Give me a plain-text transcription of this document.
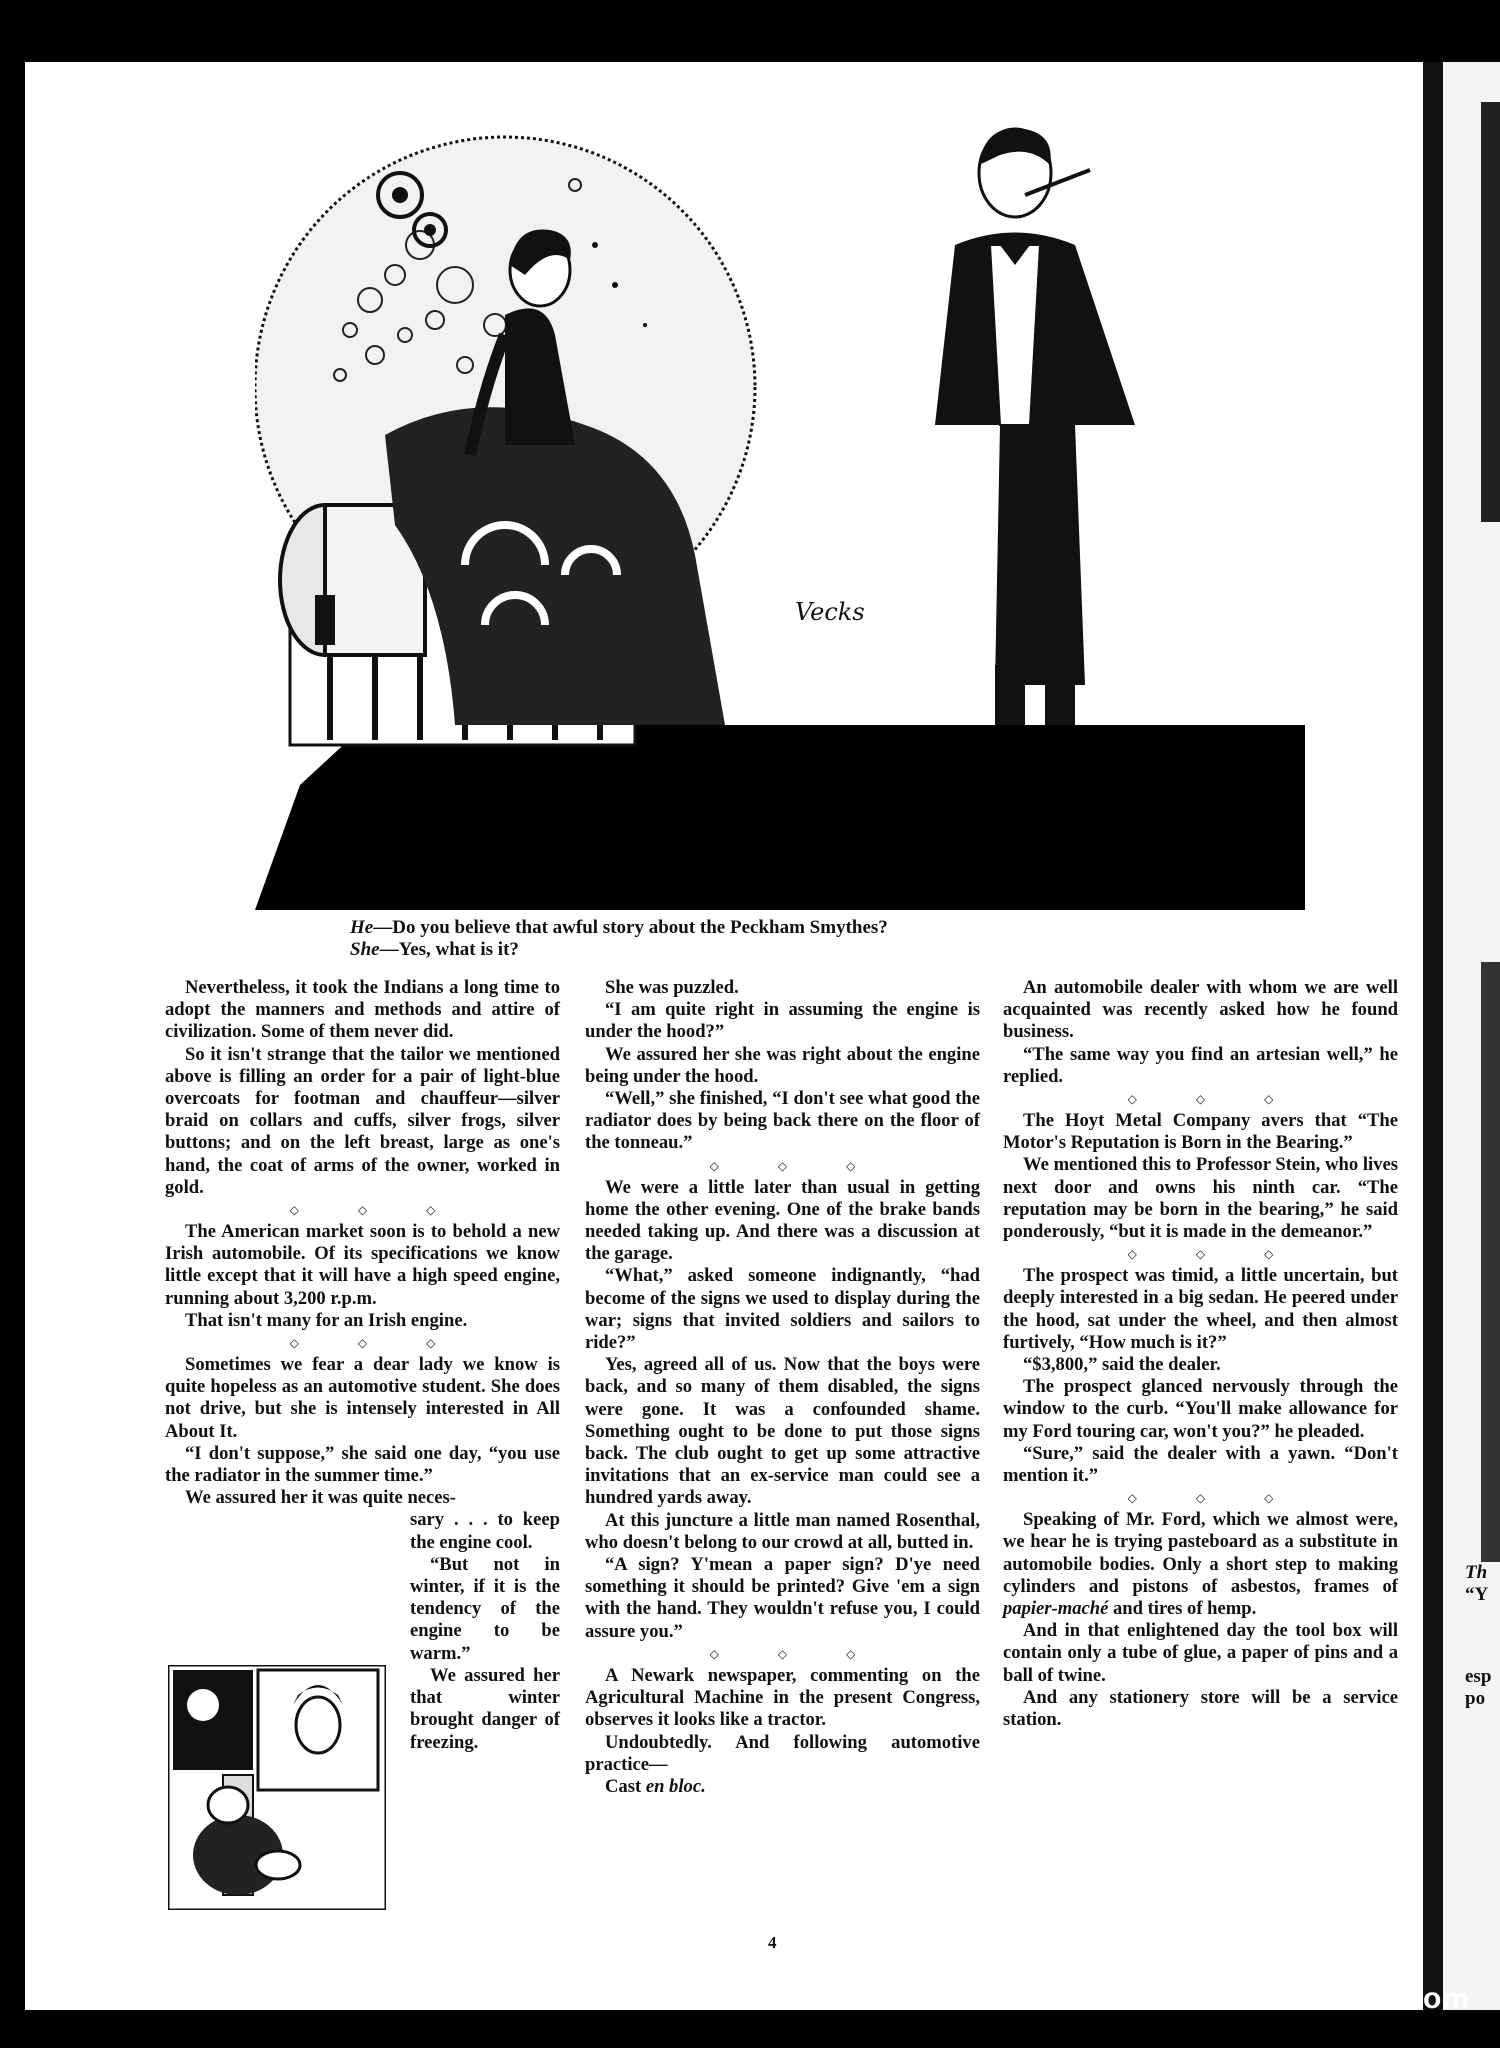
Th
“Y
esp
po
Vecks
He—Do you believe that awful story about the Peckham Smythes?
She—Yes, what is it?

Nevertheless, it took the Indians a long time to adopt the manners and methods and attire of civilization. Some of them never did.

So it isn't strange that the tailor we mentioned above is filling an order for a pair of light-blue overcoats for footman and chauffeur—silver braid on collars and cuffs, silver frogs, silver buttons; and on the left breast, large as one's hand, the coat of arms of the owner, worked in gold.

◇ ◇ ◇

The American market soon is to behold a new Irish automobile. Of its specifications we know little except that it will have a high speed engine, running about 3,200 r.p.m.

That isn't many for an Irish engine.

◇ ◇ ◇

Sometimes we fear a dear lady we know is quite hopeless as an automotive student. She does not drive, but she is intensely interested in All About It.

“I don't suppose,” she said one day, “you use the radiator in the summer time.”

We assured her it was quite neces-

sary . . . to keep the engine cool.

“But not in winter, if it is the tendency of the engine to be warm.”

We assured her that winter brought danger of freezing.

She was puzzled.

“I am quite right in assuming the engine is under the hood?”

We assured her she was right about the engine being under the hood.

“Well,” she finished, “I don't see what good the radiator does by being back there on the floor of the tonneau.”

◇ ◇ ◇

We were a little later than usual in getting home the other evening. One of the brake bands needed taking up. And there was a discussion at the garage.

“What,” asked someone indignantly, “had become of the signs we used to display during the war; signs that invited soldiers and sailors to ride?”

Yes, agreed all of us. Now that the boys were back, and so many of them disabled, the signs were gone. It was a confounded shame. Something ought to be done to put those signs back. The club ought to get up some attractive invitations that an ex-service man could see a hundred yards away.

At this juncture a little man named Rosenthal, who doesn't belong to our crowd at all, butted in.

“A sign? Y'mean a paper sign? D'ye need something it should be printed? Give 'em a sign with the hand. They wouldn't refuse you, I could assure you.”

◇ ◇ ◇

A Newark newspaper, commenting on the Agricultural Machine in the present Congress, observes it looks like a tractor.

Undoubtedly. And following automotive practice—

Cast en bloc.

An automobile dealer with whom we are well acquainted was recently asked how he found business.

“The same way you find an artesian well,” he replied.

◇ ◇ ◇

The Hoyt Metal Company avers that “The Motor's Reputation is Born in the Bearing.”

We mentioned this to Professor Stein, who lives next door and owns his ninth car. “The reputation may be born in the bearing,” he said ponderously, “but it is made in the demeanor.”

◇ ◇ ◇

The prospect was timid, a little uncertain, but deeply interested in a big sedan. He peered under the hood, sat under the wheel, and then almost furtively, “How much is it?”

“$3,800,” said the dealer.

The prospect glanced nervously through the window to the curb. “You'll make allowance for my Ford touring car, won't you?” he pleaded.

“Sure,” said the dealer with a yawn. “Don't mention it.”

◇ ◇ ◇

Speaking of Mr. Ford, which we almost were, we hear he is trying pasteboard as a substitute in automobile bodies. Only a short step to making cylinders and pistons of asbestos, frames of papier-maché and tires of hemp.

And in that enlightened day the tool box will contain only a tube of glue, a paper of pins and a ball of twine.

And any stationery store will be a service station.

4
comicbooks.com
